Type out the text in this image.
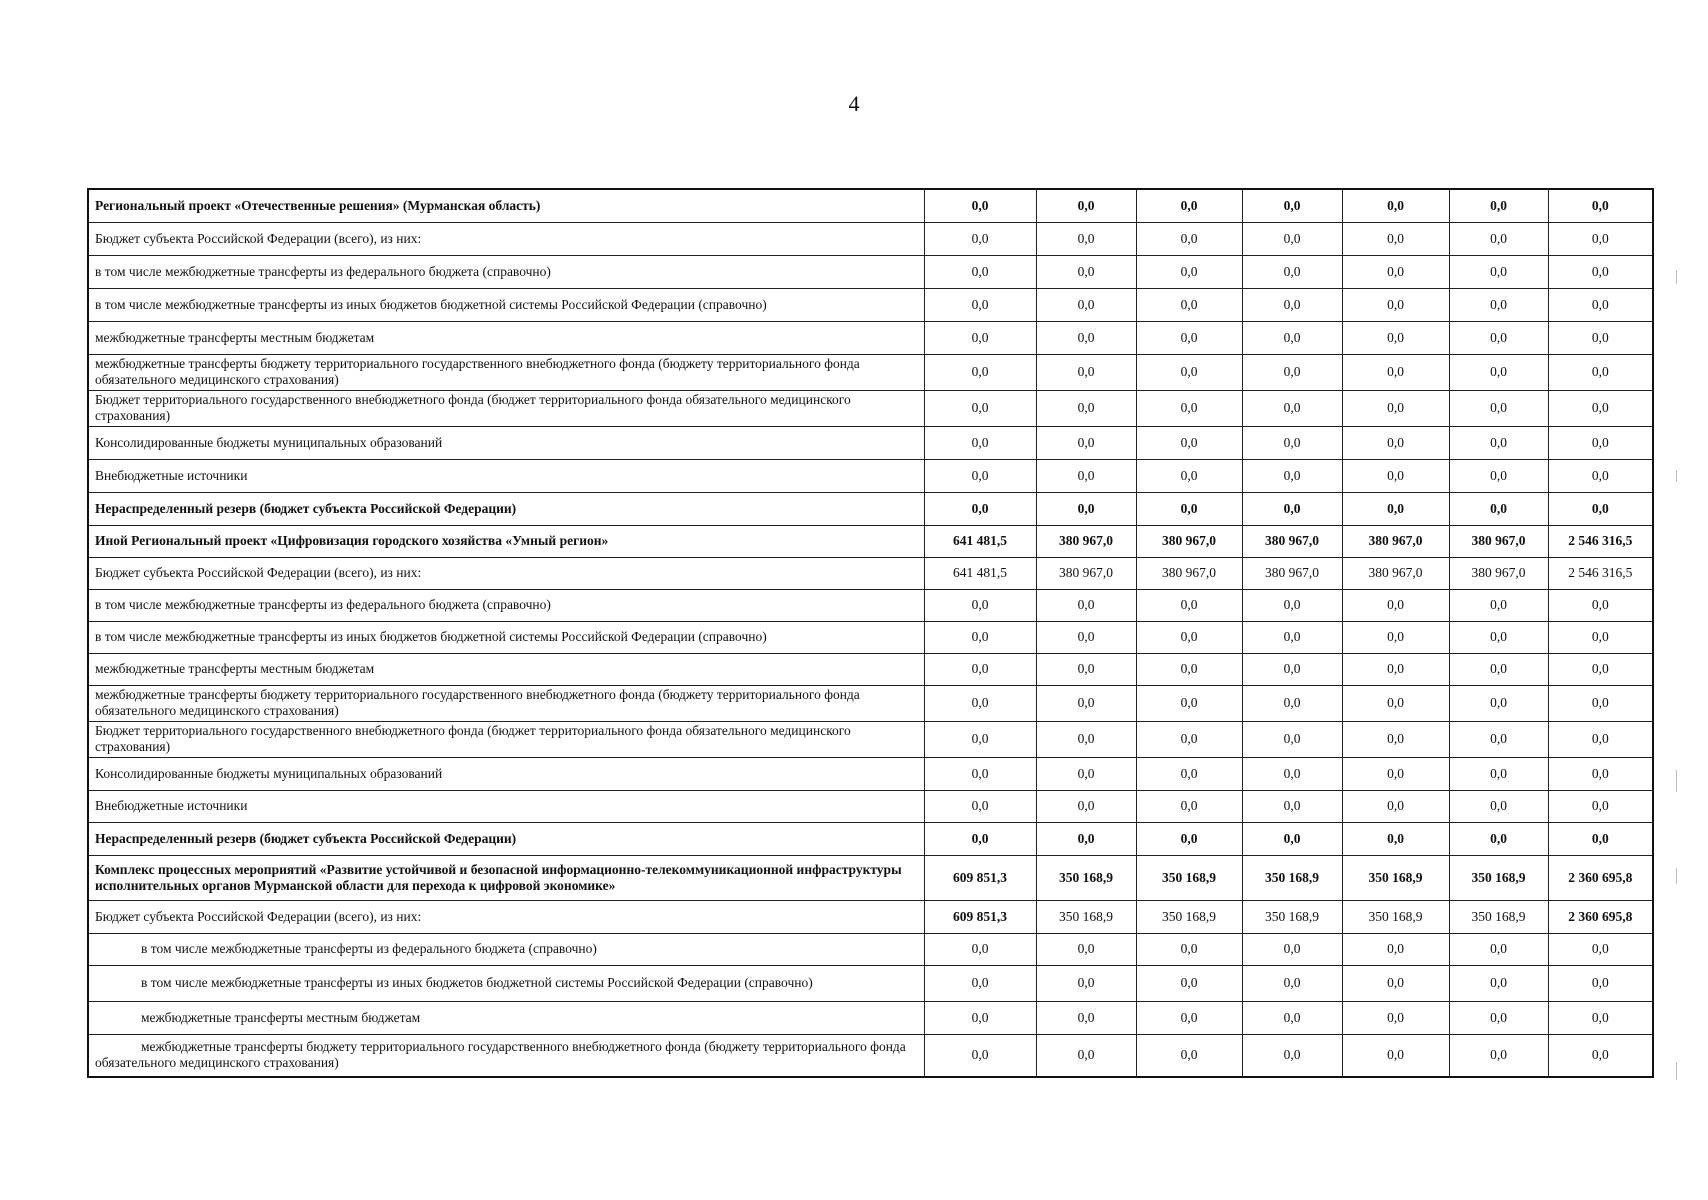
4
Региональный проект «Отечественные решения» (Мурманская область)	0,0	0,0	0,0	0,0	0,0	0,0	0,0
Бюджет субъекта Российской Федерации (всего), из них:	0,0	0,0	0,0	0,0	0,0	0,0	0,0
в том числе межбюджетные трансферты из федерального бюджета (справочно)	0,0	0,0	0,0	0,0	0,0	0,0	0,0
в том числе межбюджетные трансферты из иных бюджетов бюджетной системы Российской Федерации (справочно)	0,0	0,0	0,0	0,0	0,0	0,0	0,0
межбюджетные трансферты местным бюджетам	0,0	0,0	0,0	0,0	0,0	0,0	0,0
межбюджетные трансферты бюджету территориального государственного внебюджетного фонда (бюджету территориального фонда обязательного медицинского страхования)	0,0	0,0	0,0	0,0	0,0	0,0	0,0
Бюджет территориального государственного внебюджетного фонда (бюджет территориального фонда обязательного медицинского страхования)	0,0	0,0	0,0	0,0	0,0	0,0	0,0
Консолидированные бюджеты муниципальных образований	0,0	0,0	0,0	0,0	0,0	0,0	0,0
Внебюджетные источники	0,0	0,0	0,0	0,0	0,0	0,0	0,0
Нераспределенный резерв (бюджет субъекта Российской Федерации)	0,0	0,0	0,0	0,0	0,0	0,0	0,0
Иной Региональный проект «Цифровизация городского хозяйства «Умный регион»	641 481,5	380 967,0	380 967,0	380 967,0	380 967,0	380 967,0	2 546 316,5
Бюджет субъекта Российской Федерации (всего), из них:	641 481,5	380 967,0	380 967,0	380 967,0	380 967,0	380 967,0	2 546 316,5
в том числе межбюджетные трансферты из федерального бюджета (справочно)	0,0	0,0	0,0	0,0	0,0	0,0	0,0
в том числе межбюджетные трансферты из иных бюджетов бюджетной системы Российской Федерации (справочно)	0,0	0,0	0,0	0,0	0,0	0,0	0,0
межбюджетные трансферты местным бюджетам	0,0	0,0	0,0	0,0	0,0	0,0	0,0
межбюджетные трансферты бюджету территориального государственного внебюджетного фонда (бюджету территориального фонда обязательного медицинского страхования)	0,0	0,0	0,0	0,0	0,0	0,0	0,0
Бюджет территориального государственного внебюджетного фонда (бюджет территориального фонда обязательного медицинского страхования)	0,0	0,0	0,0	0,0	0,0	0,0	0,0
Консолидированные бюджеты муниципальных образований	0,0	0,0	0,0	0,0	0,0	0,0	0,0
Внебюджетные источники	0,0	0,0	0,0	0,0	0,0	0,0	0,0
Нераспределенный резерв (бюджет субъекта Российской Федерации)	0,0	0,0	0,0	0,0	0,0	0,0	0,0
Комплекс процессных мероприятий «Развитие устойчивой и безопасной информационно-телекоммуникационной инфраструктуры исполнительных органов Мурманской области для перехода к цифровой экономике»	609 851,3	350 168,9	350 168,9	350 168,9	350 168,9	350 168,9	2 360 695,8
Бюджет субъекта Российской Федерации (всего), из них:	609 851,3	350 168,9	350 168,9	350 168,9	350 168,9	350 168,9	2 360 695,8
в том числе межбюджетные трансферты из федерального бюджета (справочно)	0,0	0,0	0,0	0,0	0,0	0,0	0,0
в том числе межбюджетные трансферты из иных бюджетов бюджетной системы Российской Федерации (справочно)	0,0	0,0	0,0	0,0	0,0	0,0	0,0
межбюджетные трансферты местным бюджетам	0,0	0,0	0,0	0,0	0,0	0,0	0,0
межбюджетные трансферты бюджету территориального государственного внебюджетного фонда (бюджету территориального фонда обязательного медицинского страхования)	0,0	0,0	0,0	0,0	0,0	0,0	0,0
